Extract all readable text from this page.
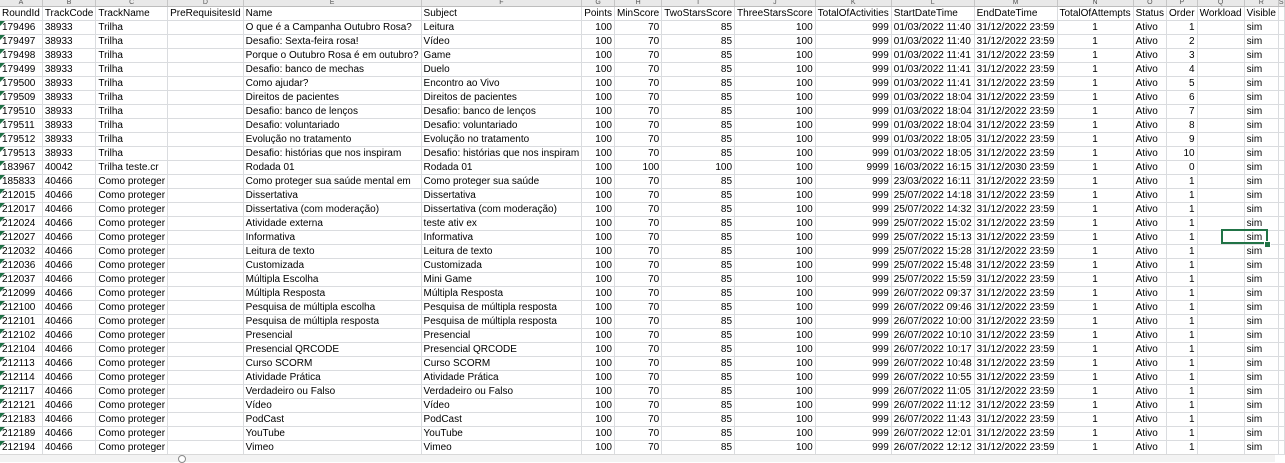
A	B	C	D	E	F	G	H	I	J	K	L	M	N	O	P	Q	R	S
RoundId	TrackCode	TrackName	PreRequisitesId	Name	Subject	Points	MinScore	TwoStarsScore	ThreeStarsScore	TotalOfActivities	StartDateTime	EndDateTime	TotalOfAttempts	Status	Order	Workload	Visible	

179496	38933	Trilha		O que é a Campanha Outubro Rosa?	Leitura	100	70	85	100	999	01/03/2022 11:40	31/12/2022 23:59	1	Ativo	1		sim	

179497	38933	Trilha		Desafio: Sexta-feira rosa!	Vídeo	100	70	85	100	999	01/03/2022 11:40	31/12/2022 23:59	1	Ativo	2		sim	

179498	38933	Trilha		Porque o Outubro Rosa é em outubro?	Game	100	70	85	100	999	01/03/2022 11:41	31/12/2022 23:59	1	Ativo	3		sim	

179499	38933	Trilha		Desafio: banco de mechas	Duelo	100	70	85	100	999	01/03/2022 11:41	31/12/2022 23:59	1	Ativo	4		sim	

179500	38933	Trilha		Como ajudar?	Encontro ao Vivo	100	70	85	100	999	01/03/2022 11:41	31/12/2022 23:59	1	Ativo	5		sim	

179509	38933	Trilha		Direitos de pacientes	Direitos de pacientes	100	70	85	100	999	01/03/2022 18:04	31/12/2022 23:59	1	Ativo	6		sim	

179510	38933	Trilha		Desafio: banco de lenços	Desafio: banco de lenços	100	70	85	100	999	01/03/2022 18:04	31/12/2022 23:59	1	Ativo	7		sim	

179511	38933	Trilha		Desafio: voluntariado	Desafio: voluntariado	100	70	85	100	999	01/03/2022 18:04	31/12/2022 23:59	1	Ativo	8		sim	

179512	38933	Trilha		Evolução no tratamento	Evolução no tratamento	100	70	85	100	999	01/03/2022 18:05	31/12/2022 23:59	1	Ativo	9		sim	

179513	38933	Trilha		Desafio: histórias que nos inspiram	Desafio: histórias que nos inspiram	100	70	85	100	999	01/03/2022 18:05	31/12/2022 23:59	1	Ativo	10		sim	

183967	40042	Trilha teste.cr		Rodada 01	Rodada 01	100	100	100	100	9999	16/03/2022 16:15	31/12/2030 23:59	1	Ativo	0		sim	

185833	40466	Como proteger		Como proteger sua saúde mental em	Como proteger sua saúde	100	70	85	100	999	23/03/2022 16:11	31/12/2022 23:59	1	Ativo	1		sim	

212015	40466	Como proteger		Dissertativa	Dissertativa	100	70	85	100	999	25/07/2022 14:18	31/12/2022 23:59	1	Ativo	1		sim	

212017	40466	Como proteger		Dissertativa (com moderação)	Dissertativa (com moderação)	100	70	85	100	999	25/07/2022 14:32	31/12/2022 23:59	1	Ativo	1		sim	

212024	40466	Como proteger		Atividade externa	teste ativ ex	100	70	85	100	999	25/07/2022 15:02	31/12/2022 23:59	1	Ativo	1		sim	

212027	40466	Como proteger		Informativa	Informativa	100	70	85	100	999	25/07/2022 15:13	31/12/2022 23:59	1	Ativo	1		sim	

212032	40466	Como proteger		Leitura de texto	Leitura de texto	100	70	85	100	999	25/07/2022 15:28	31/12/2022 23:59	1	Ativo	1		sim	

212036	40466	Como proteger		Customizada	Customizada	100	70	85	100	999	25/07/2022 15:48	31/12/2022 23:59	1	Ativo	1		sim	

212037	40466	Como proteger		Múltipla Escolha	Mini Game	100	70	85	100	999	25/07/2022 15:59	31/12/2022 23:59	1	Ativo	1		sim	

212099	40466	Como proteger		Múltipla Resposta	Múltipla Resposta	100	70	85	100	999	26/07/2022 09:37	31/12/2022 23:59	1	Ativo	1		sim	

212100	40466	Como proteger		Pesquisa de múltipla escolha	Pesquisa de múltipla resposta	100	70	85	100	999	26/07/2022 09:46	31/12/2022 23:59	1	Ativo	1		sim	

212101	40466	Como proteger		Pesquisa de múltipla resposta	Pesquisa de múltipla resposta	100	70	85	100	999	26/07/2022 10:00	31/12/2022 23:59	1	Ativo	1		sim	

212102	40466	Como proteger		Presencial	Presencial	100	70	85	100	999	26/07/2022 10:10	31/12/2022 23:59	1	Ativo	1		sim	

212104	40466	Como proteger		Presencial QRCODE	Presencial QRCODE	100	70	85	100	999	26/07/2022 10:17	31/12/2022 23:59	1	Ativo	1		sim	

212113	40466	Como proteger		Curso SCORM	Curso SCORM	100	70	85	100	999	26/07/2022 10:48	31/12/2022 23:59	1	Ativo	1		sim	

212114	40466	Como proteger		Atividade Prática	Atividade Prática	100	70	85	100	999	26/07/2022 10:55	31/12/2022 23:59	1	Ativo	1		sim	

212117	40466	Como proteger		Verdadeiro ou Falso	Verdadeiro ou Falso	100	70	85	100	999	26/07/2022 11:05	31/12/2022 23:59	1	Ativo	1		sim	

212121	40466	Como proteger		Vídeo	Vídeo	100	70	85	100	999	26/07/2022 11:12	31/12/2022 23:59	1	Ativo	1		sim	

212183	40466	Como proteger		PodCast	PodCast	100	70	85	100	999	26/07/2022 11:43	31/12/2022 23:59	1	Ativo	1		sim	

212189	40466	Como proteger		YouTube	YouTube	100	70	85	100	999	26/07/2022 12:01	31/12/2022 23:59	1	Ativo	1		sim	

212194	40466	Como proteger		Vimeo	Vimeo	100	70	85	100	999	26/07/2022 12:12	31/12/2022 23:59	1	Ativo	1		sim	
